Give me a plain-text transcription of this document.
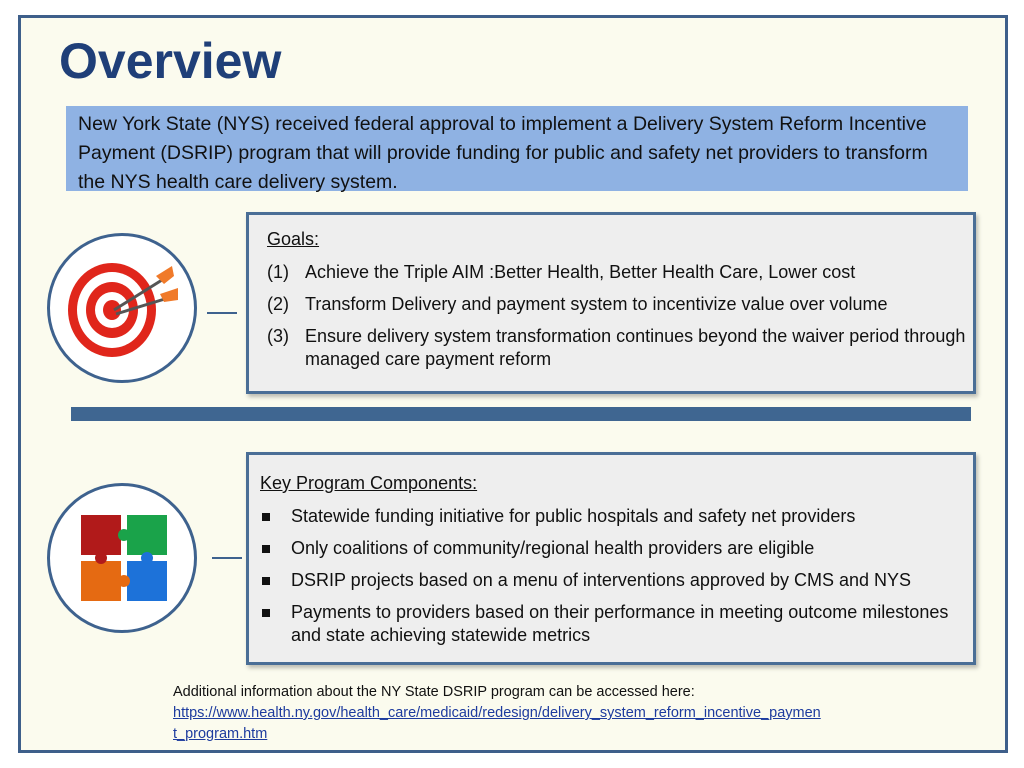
Overview
New York State (NYS) received federal approval to implement a Delivery System Reform Incentive Payment (DSRIP) program that will provide funding for public and safety net providers to transform the NYS health care delivery system.
Goals:
(1) Achieve the Triple AIM :Better Health, Better Health Care, Lower cost
(2) Transform Delivery and payment system to incentivize value over volume
(3) Ensure delivery system transformation continues beyond the waiver period through managed care payment reform
Key Program Components:
Statewide funding initiative for public hospitals and safety net providers
Only coalitions of community/regional health providers are eligible
DSRIP projects based on a menu of interventions approved by CMS and NYS
Payments to providers based on their performance in meeting outcome milestones and state achieving statewide metrics
Additional information about the NY State DSRIP program can be accessed here:
https://www.health.ny.gov/health_care/medicaid/redesign/delivery_system_reform_incentive_payment_program.htm
